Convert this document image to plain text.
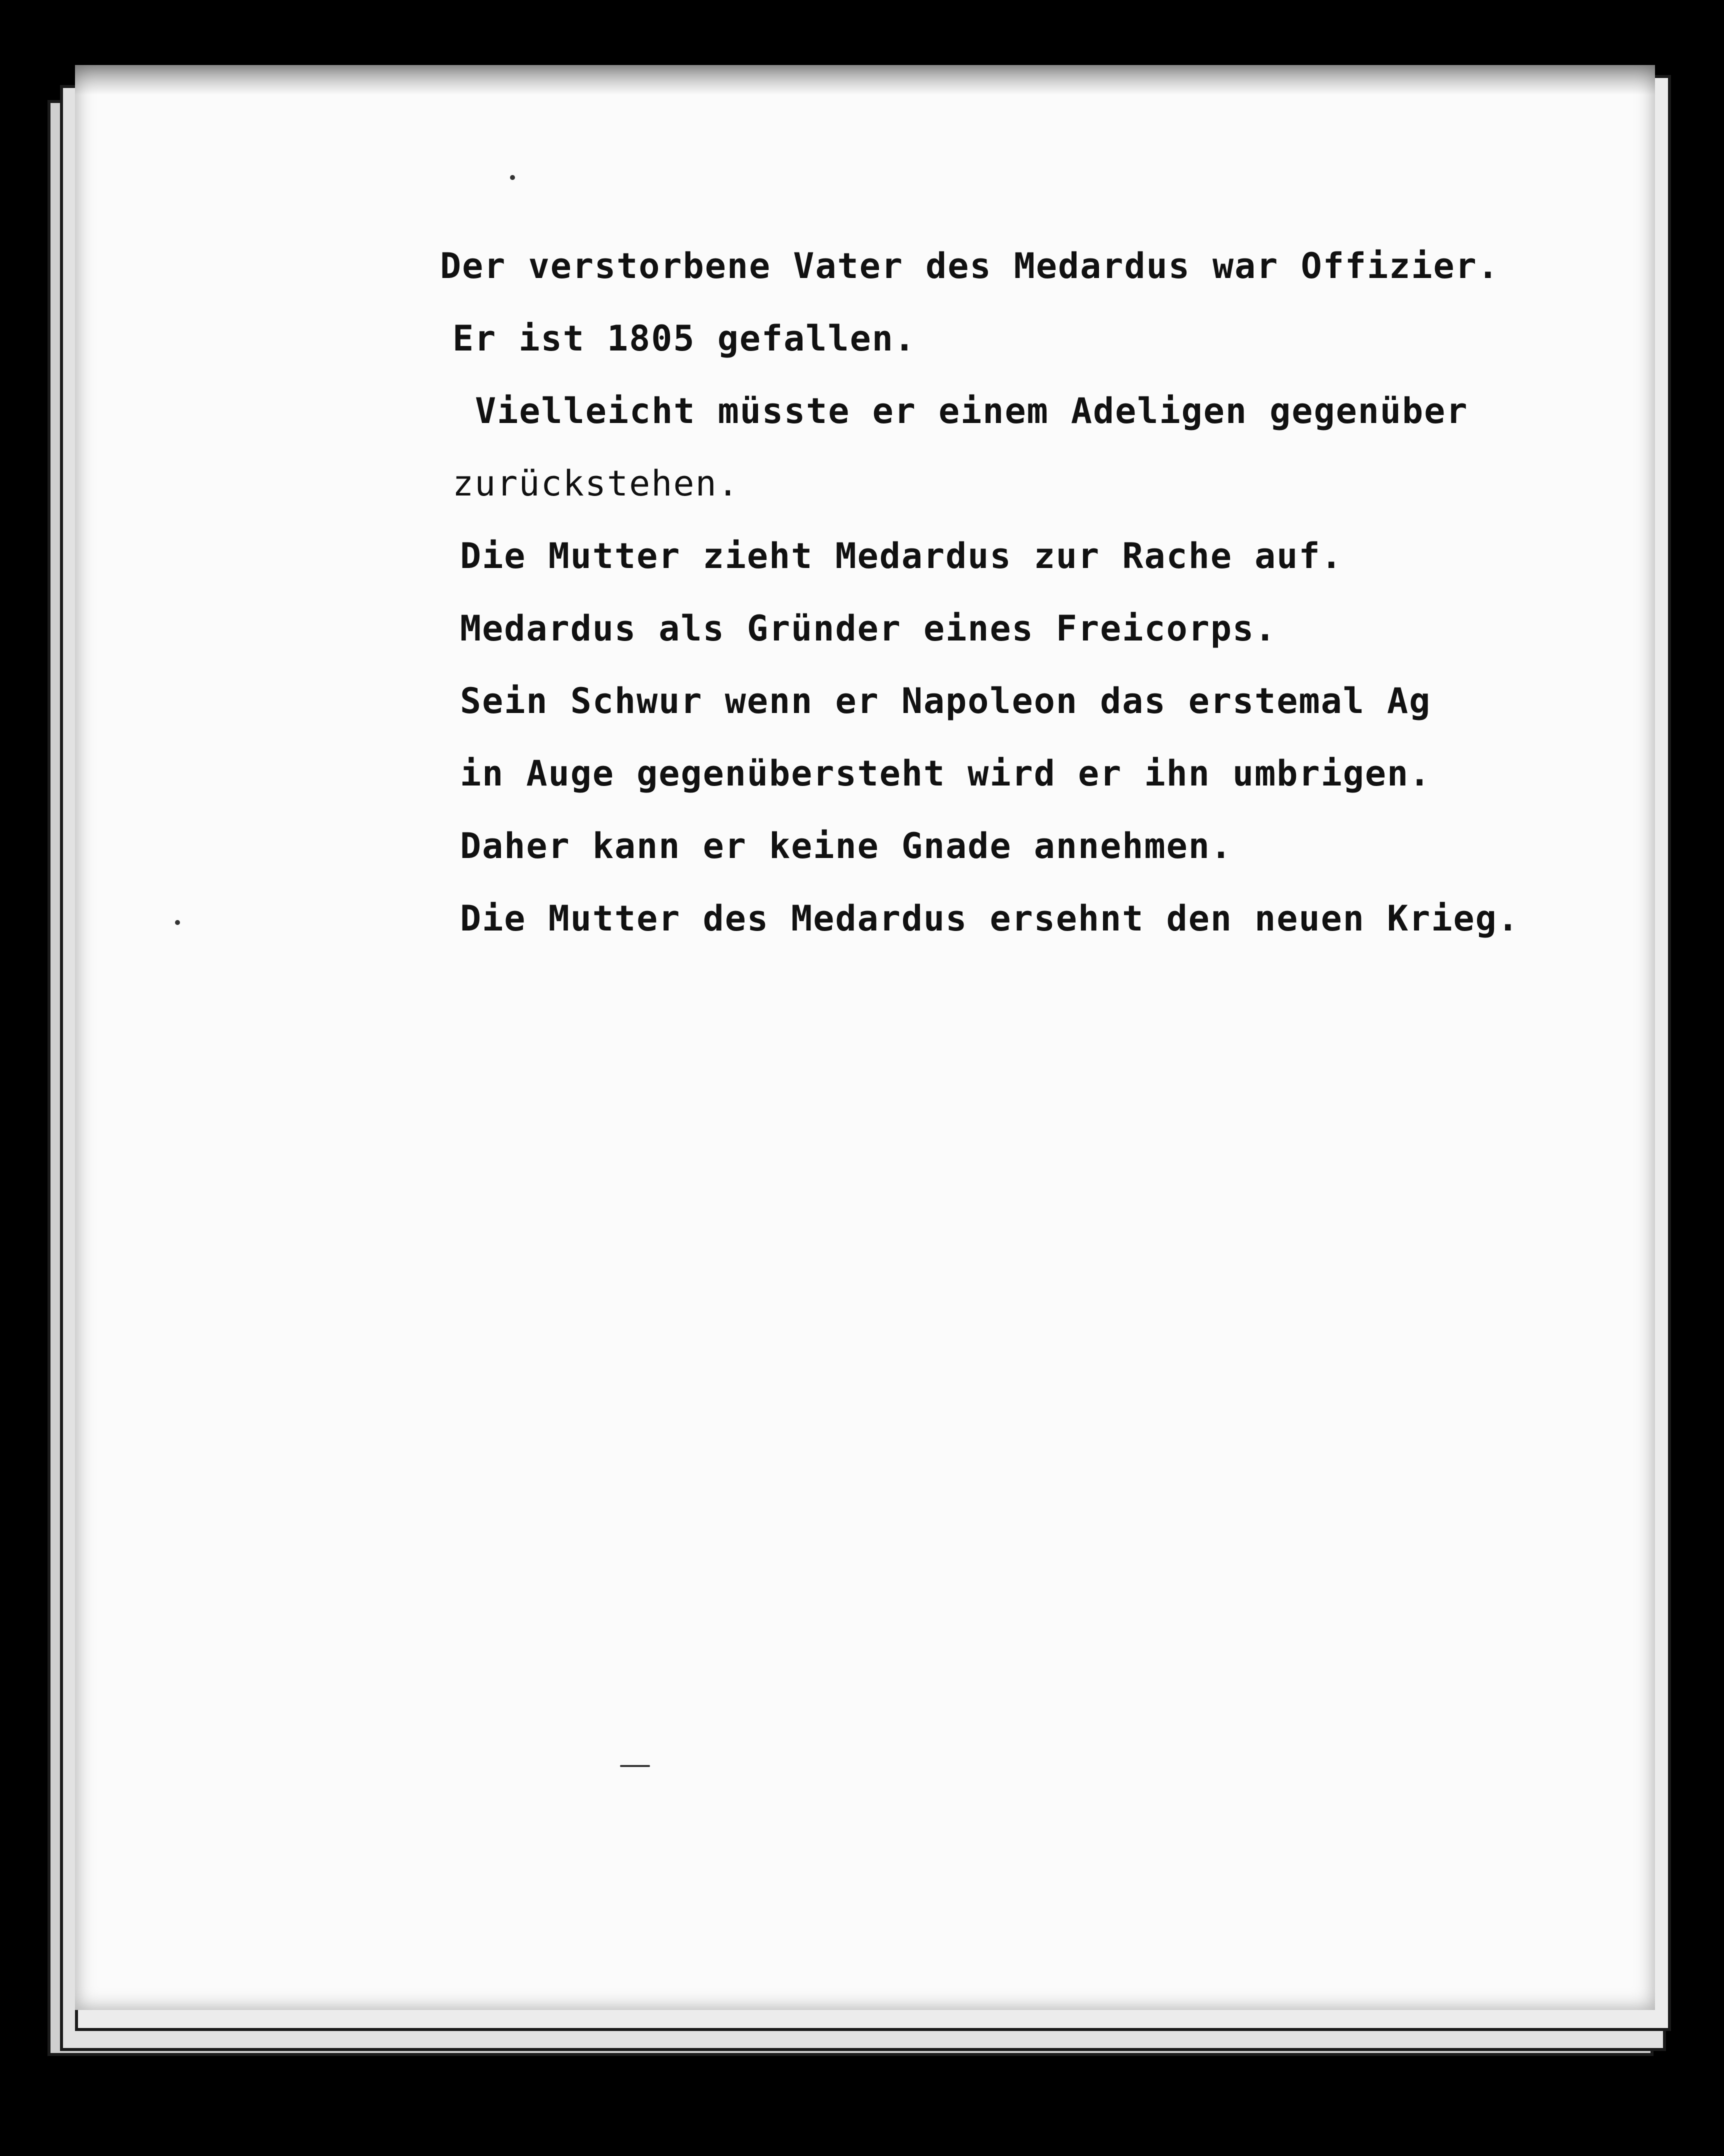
Der verstorbene Vater des Medardus war Offizier.
Er ist 1805 gefallen.
Vielleicht müsste er einem Adeligen gegenüber
zurückstehen.
Die Mutter zieht Medardus zur Rache auf.
Medardus als Gründer eines Freicorps.
Sein Schwur wenn er Napoleon das erstemal Ag
in Auge gegenübersteht wird er ihn umbrigen.
Daher kann er keine Gnade annehmen.
Die Mutter des Medardus ersehnt den neuen Krieg.
